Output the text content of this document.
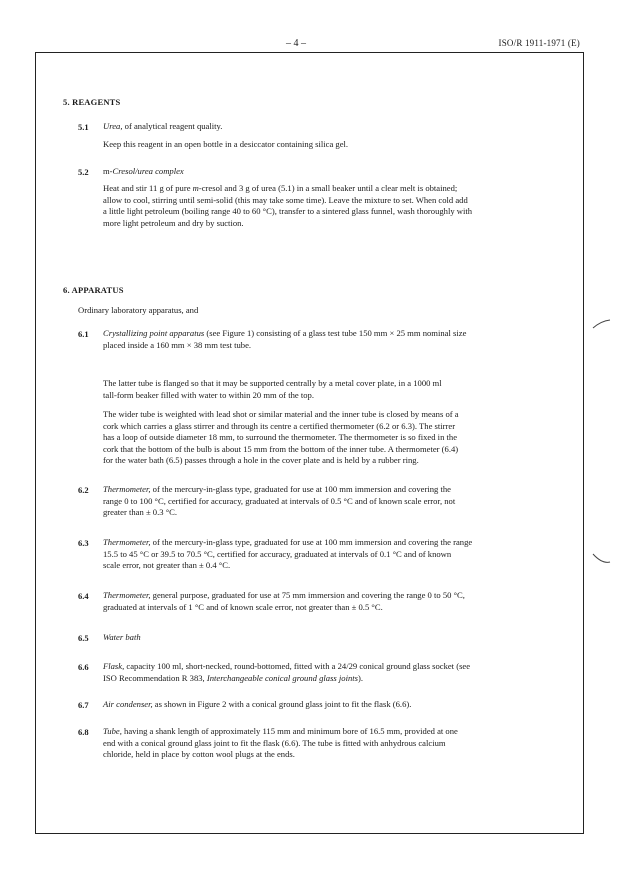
– 4 –	ISO/R 1911-1971 (E)
5. REAGENTS
5.1 Urea, of analytical reagent quality.
Keep this reagent in an open bottle in a desiccator containing silica gel.
5.2 m-Cresol/urea complex
Heat and stir 11 g of pure m-cresol and 3 g of urea (5.1) in a small beaker until a clear melt is obtained;
allow to cool, stirring until semi-solid (this may take some time). Leave the mixture to set. When cold add
a little light petroleum (boiling range 40 to 60 °C), transfer to a sintered glass funnel, wash thoroughly with
more light petroleum and dry by suction.
6. APPARATUS
Ordinary laboratory apparatus, and
6.1 Crystallizing point apparatus (see Figure 1) consisting of a glass test tube 150 mm × 25 mm nominal size
placed inside a 160 mm × 38 mm test tube.
The latter tube is flanged so that it may be supported centrally by a metal cover plate, in a 1000 ml
tall-form beaker filled with water to within 20 mm of the top.
The wider tube is weighted with lead shot or similar material and the inner tube is closed by means of a
cork which carries a glass stirrer and through its centre a certified thermometer (6.2 or 6.3). The stirrer
has a loop of outside diameter 18 mm, to surround the thermometer. The thermometer is so fixed in the
cork that the bottom of the bulb is about 15 mm from the bottom of the inner tube. A thermometer (6.4)
for the water bath (6.5) passes through a hole in the cover plate and is held by a rubber ring.
6.2 Thermometer, of the mercury-in-glass type, graduated for use at 100 mm immersion and covering the
range 0 to 100 °C, certified for accuracy, graduated at intervals of 0.5 °C and of known scale error, not
greater than ± 0.3 °C.
6.3 Thermometer, of the mercury-in-glass type, graduated for use at 100 mm immersion and covering the range
15.5 to 45 °C or 39.5 to 70.5 °C, certified for accuracy, graduated at intervals of 0.1 °C and of known
scale error, not greater than ± 0.4 °C.
6.4 Thermometer, general purpose, graduated for use at 75 mm immersion and covering the range 0 to 50 °C,
graduated at intervals of 1 °C and of known scale error, not greater than ± 0.5 °C.
6.5 Water bath
6.6 Flask, capacity 100 ml, short-necked, round-bottomed, fitted with a 24/29 conical ground glass socket (see
ISO Recommendation R 383, Interchangeable conical ground glass joints).
6.7 Air condenser, as shown in Figure 2 with a conical ground glass joint to fit the flask (6.6).
6.8 Tube, having a shank length of approximately 115 mm and minimum bore of 16.5 mm, provided at one
end with a conical ground glass joint to fit the flask (6.6). The tube is fitted with anhydrous calcium
chloride, held in place by cotton wool plugs at the ends.
